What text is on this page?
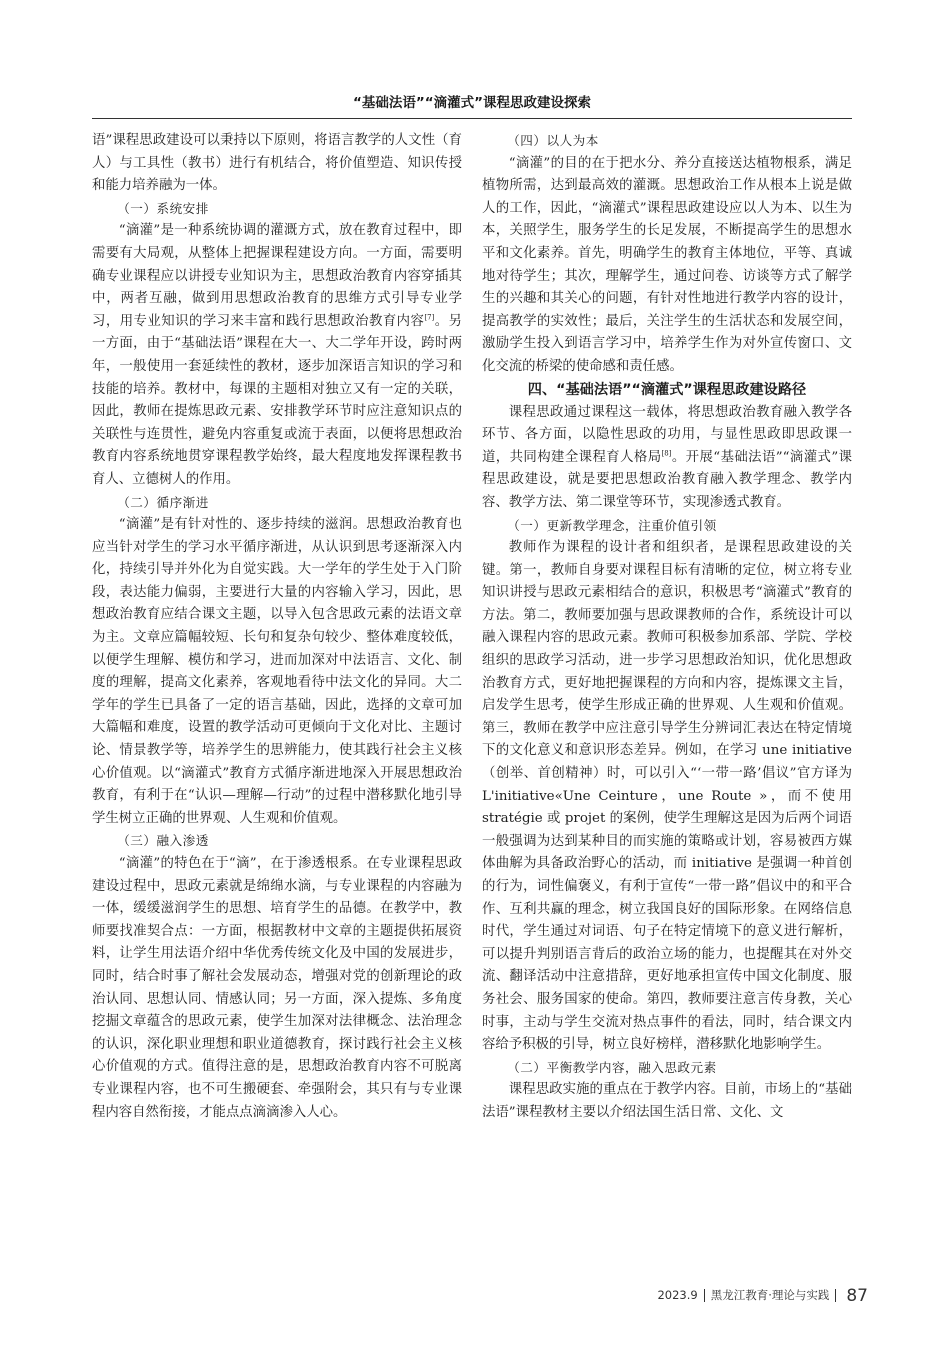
“基础法语”“滴灌式”课程思政建设探索

语”课程思政建设可以秉持以下原则，将语言教学的人文性（育人）与工具性（教书）进行有机结合，将价值塑造、知识传授和能力培养融为一体。

（一）系统安排

“滴灌”是一种系统协调的灌溉方式，放在教育过程中，即需要有大局观，从整体上把握课程建设方向。一方面，需要明确专业课程应以讲授专业知识为主，思想政治教育内容穿插其中，两者互融，做到用思想政治教育的思维方式引导专业学习，用专业知识的学习来丰富和践行思想政治教育内容[7]。另一方面，由于“基础法语”课程在大一、大二学年开设，跨时两年，一般使用一套延续性的教材，逐步加深语言知识的学习和技能的培养。教材中，每课的主题相对独立又有一定的关联，因此，教师在提炼思政元素、安排教学环节时应注意知识点的关联性与连贯性，避免内容重复或流于表面，以便将思想政治教育内容系统地贯穿课程教学始终，最大程度地发挥课程教书育人、立德树人的作用。

（二）循序渐进

“滴灌”是有针对性的、逐步持续的滋润。思想政治教育也应当针对学生的学习水平循序渐进，从认识到思考逐渐深入内化，持续引导并外化为自觉实践。大一学年的学生处于入门阶段，表达能力偏弱，主要进行大量的内容输入学习，因此，思想政治教育应结合课文主题，以导入包含思政元素的法语文章为主。文章应篇幅较短、长句和复杂句较少、整体难度较低，以便学生理解、模仿和学习，进而加深对中法语言、文化、制度的理解，提高文化素养，客观地看待中法文化的异同。大二学年的学生已具备了一定的语言基础，因此，选择的文章可加大篇幅和难度，设置的教学活动可更倾向于文化对比、主题讨论、情景教学等，培养学生的思辨能力，使其践行社会主义核心价值观。以“滴灌式”教育方式循序渐进地深入开展思想政治教育，有利于在“认识—理解—行动”的过程中潜移默化地引导学生树立正确的世界观、人生观和价值观。

（三）融入渗透

“滴灌”的特色在于“滴”，在于渗透根系。在专业课程思政建设过程中，思政元素就是绵绵水滴，与专业课程的内容融为一体，缓缓滋润学生的思想、培育学生的品德。在教学中，教师要找准契合点：一方面，根据教材中文章的主题提供拓展资料，让学生用法语介绍中华优秀传统文化及中国的发展进步，同时，结合时事了解社会发展动态，增强对党的创新理论的政治认同、思想认同、情感认同；另一方面，深入提炼、多角度挖掘文章蕴含的思政元素，使学生加深对法律概念、法治理念的认识，深化职业理想和职业道德教育，探讨践行社会主义核心价值观的方式。值得注意的是，思想政治教育内容不可脱离专业课程内容，也不可生搬硬套、牵强附会，其只有与专业课程内容自然衔接，才能点点滴滴渗入人心。

（四）以人为本

“滴灌”的目的在于把水分、养分直接送达植物根系，满足植物所需，达到最高效的灌溉。思想政治工作从根本上说是做人的工作，因此，“滴灌式”课程思政建设应以人为本、以生为本，关照学生，服务学生的长足发展，不断提高学生的思想水平和文化素养。首先，明确学生的教育主体地位，平等、真诚地对待学生；其次，理解学生，通过问卷、访谈等方式了解学生的兴趣和其关心的问题，有针对性地进行教学内容的设计，提高教学的实效性；最后，关注学生的生活状态和发展空间，激励学生投入到语言学习中，培养学生作为对外宣传窗口、文化交流的桥梁的使命感和责任感。

四、“基础法语”“滴灌式”课程思政建设路径

课程思政通过课程这一载体，将思想政治教育融入教学各环节、各方面，以隐性思政的功用，与显性思政即思政课一道，共同构建全课程育人格局[8]。开展“基础法语”“滴灌式”课程思政建设，就是要把思想政治教育融入教学理念、教学内容、教学方法、第二课堂等环节，实现渗透式教育。

（一）更新教学理念，注重价值引领

教师作为课程的设计者和组织者，是课程思政建设的关键。第一，教师自身要对课程目标有清晰的定位，树立将专业知识讲授与思政元素相结合的意识，积极思考“滴灌式”教育的方法。第二，教师要加强与思政课教师的合作，系统设计可以融入课程内容的思政元素。教师可积极参加系部、学院、学校组织的思政学习活动，进一步学习思想政治知识，优化思想政治教育方式，更好地把握课程的方向和内容，提炼课文主旨，启发学生思考，使学生形成正确的世界观、人生观和价值观。第三，教师在教学中应注意引导学生分辨词汇表达在特定情境下的文化意义和意识形态差异。例如，在学习 une initiative（创举、首创精神）时，可以引入“‘一带一路’倡议”官方译为 L'initiative«Une Ceinture，une Route »，而不使用 stratégie 或 projet 的案例，使学生理解这是因为后两个词语一般强调为达到某种目的而实施的策略或计划，容易被西方媒体曲解为具备政治野心的活动，而 initiative 是强调一种首创的行为，词性偏褒义，有利于宣传“一带一路”倡议中的和平合作、互利共赢的理念，树立我国良好的国际形象。在网络信息时代，学生通过对词语、句子在特定情境下的意义进行解析，可以提升判别语言背后的政治立场的能力，也提醒其在对外交流、翻译活动中注意措辞，更好地承担宣传中国文化制度、服务社会、服务国家的使命。第四，教师要注意言传身教，关心时事，主动与学生交流对热点事件的看法，同时，结合课文内容给予积极的引导，树立良好榜样，潜移默化地影响学生。

（二）平衡教学内容，融入思政元素

课程思政实施的重点在于教学内容。目前，市场上的“基础法语”课程教材主要以介绍法国生活日常、文化、文

2023.9 黑龙江教育·理论与实践 87
